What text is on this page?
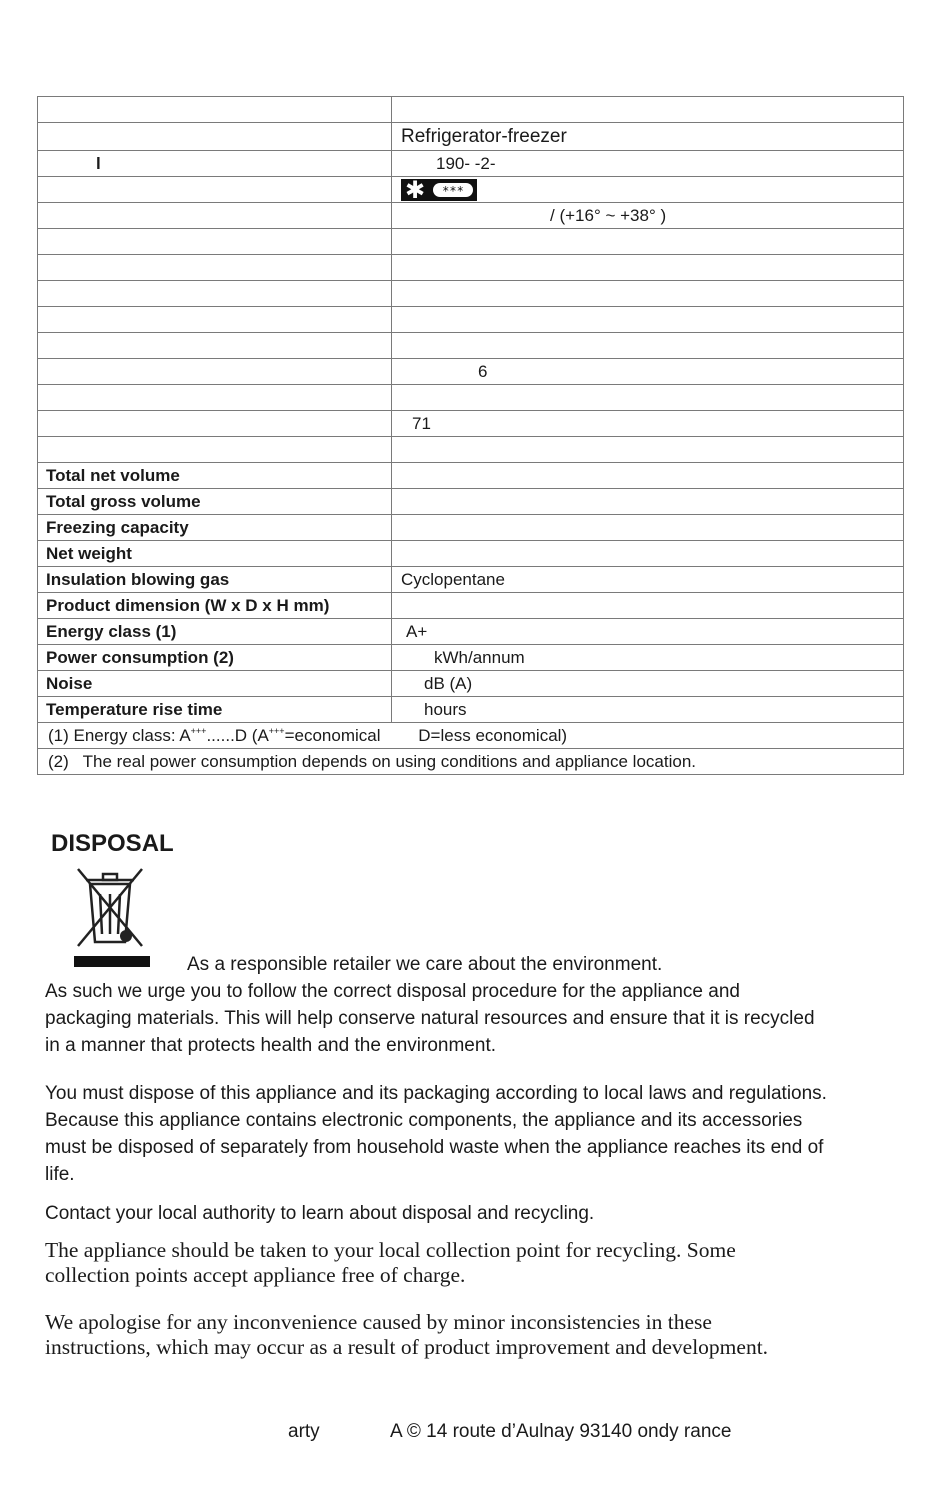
	Refrigerator-freezer
l	190- -2-

	✱ ***

	/ (+16° ~ +38° )

	6

	71

Total net volume	
Total gross volume	
Freezing capacity	
Net weight	
Insulation blowing gas	Cyclopentane
Product dimension (W x D x H mm)	
Energy class (1)	A+
Power consumption (2)	kWh/annum
Noise	dB (A)
Temperature rise time	hours
(1) Energy class: A+++......D (A+++=economical        D=less economical)	
(2)   The real power consumption depends on using conditions and appliance location.	
DISPOSAL

As a responsible retailer we care about the environment.

As such we urge you to follow the correct disposal procedure for the appliance and

packaging materials. This will help conserve natural resources and ensure that it is recycled

in a manner that protects health and the environment.

You must dispose of this appliance and its packaging according to local laws and regulations.

Because this appliance contains electronic components, the appliance and its accessories

must be disposed of separately from household waste when the appliance reaches its end of

life.

Contact your local authority to learn about disposal and recycling.

The appliance should be taken to your local collection point for recycling. Some

collection points accept appliance free of charge.

We apologise for any inconvenience caused by minor inconsistencies in these

instructions, which may occur as a result of product improvement and development.

arty	A © 14 route d’Aulnay 93140 ondy rance
